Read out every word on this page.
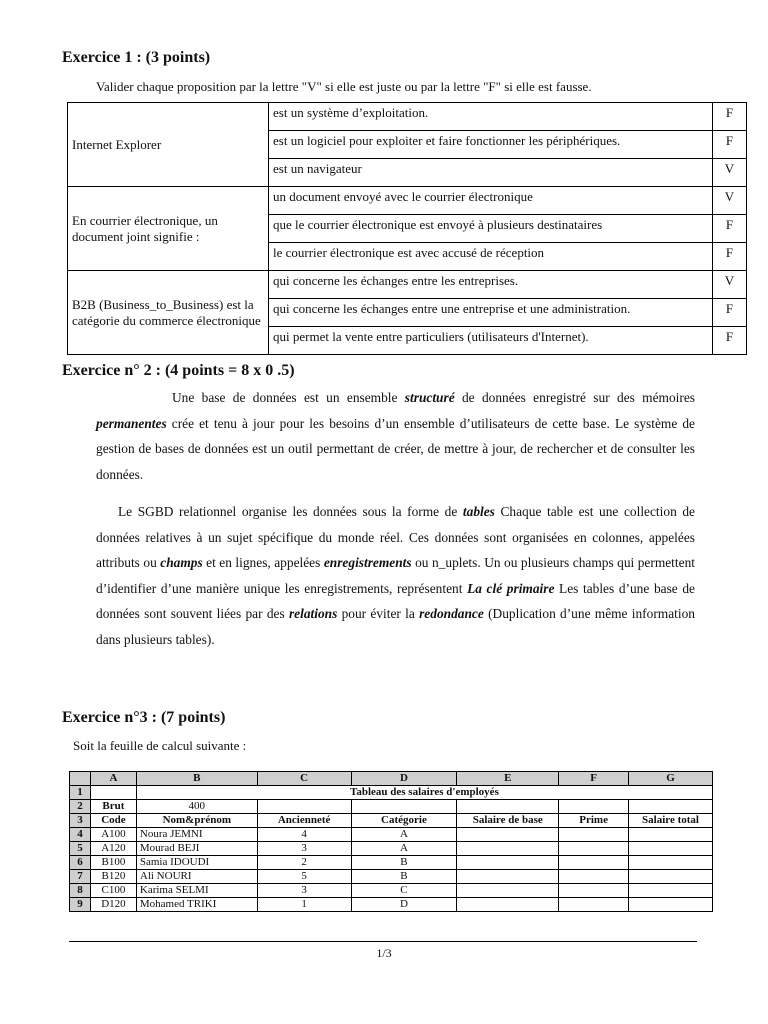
Exercice 1 : (3 points)
Valider chaque proposition par la lettre "V" si elle est juste ou par la lettre "F" si elle est fausse.
Internet Explorer	est un système d’exploitation.	F
	est un logiciel pour exploiter et faire fonctionner les périphériques.	F
	est un navigateur	V
En courrier électronique, un document joint signifie :	un document envoyé avec le courrier électronique	V
	que le courrier électronique est envoyé à plusieurs destinataires	F
	le courrier électronique est avec accusé de réception	F
B2B (Business_to_Business) est la catégorie du commerce électronique	qui concerne les échanges entre les entreprises.	V
	qui concerne les échanges entre une entreprise et une administration.	F
	qui permet la vente entre particuliers (utilisateurs d'Internet).	F
Exercice n° 2 : (4 points = 8 x 0 .5)
Une base de données est un ensemble structuré de données enregistré sur des mémoires permanentes crée et tenu à jour pour les besoins d’un ensemble d’utilisateurs de cette base. Le système de gestion de bases de données est un outil permettant de créer, de mettre à jour, de rechercher et de consulter les données.
Le SGBD relationnel organise les données sous la forme de tables Chaque table est une collection de données relatives à un sujet spécifique du monde réel. Ces données sont organisées en colonnes, appelées attributs ou champs et en lignes, appelées enregistrements ou n_uplets. Un ou plusieurs champs qui permettent d’identifier d’une manière unique les enregistrements, représentent La clé primaire Les tables d’une base de données sont souvent liées par des relations pour éviter la redondance (Duplication d’une même information dans plusieurs tables).
Exercice n°3 : (7 points)
Soit la feuille de calcul suivante :
	A	B	C	D	E	F	G
1		Tableau des salaires d'employés					
2	Brut	400					
3	Code	Nom&prénom	Ancienneté	Catégorie	Salaire de base	Prime	Salaire total
4	A100	Noura JEMNI	4	A			
5	A120	Mourad BEJI	3	A			
6	B100	Samia IDOUDI	2	B			
7	B120	Ali NOURI	5	B			
8	C100	Karima SELMI	3	C			
9	D120	Mohamed TRIKI	1	D			
1/3
